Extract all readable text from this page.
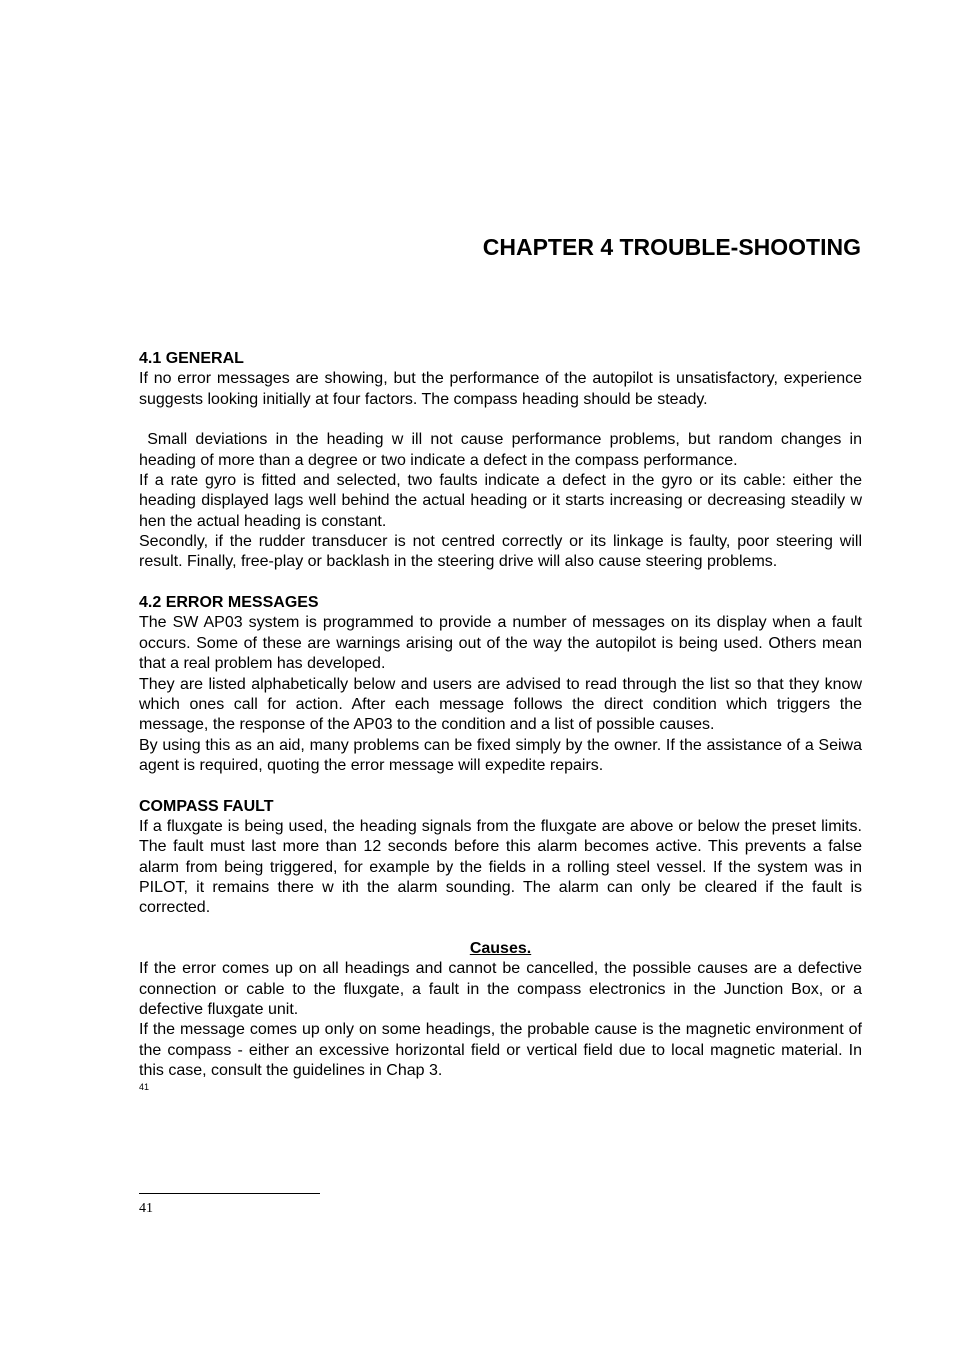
CHAPTER 4 TROUBLE-SHOOTING

4.1 GENERAL

If no error messages are showing, but the performance of the autopilot is unsatisfactory, experience suggests looking initially at four factors. The compass heading should be steady.

Small deviations in the heading w ill not cause performance problems, but random changes in heading of more than a degree or two indicate a defect in the compass performance.

If a rate gyro is fitted and selected, two faults indicate a defect in the gyro or its cable: either the heading displayed lags well behind the actual heading or it starts increasing or decreasing steadily w hen the actual heading is constant.

Secondly, if the rudder transducer is not centred correctly or its linkage is faulty, poor steering will result. Finally, free-play or backlash in the steering drive will also cause steering problems.

4.2 ERROR MESSAGES

The SW AP03 system is programmed to provide a number of messages on its display when a fault occurs. Some of these are warnings arising out of the way the autopilot is being used. Others mean that a real problem has developed.

They are listed alphabetically below and users are advised to read through the list so that they know which ones call for action. After each message follows the direct condition which triggers the message, the response of the AP03 to the condition and a list of possible causes.

By using this as an aid, many problems can be fixed simply by the owner. If the assistance of a Seiwa agent is required, quoting the error message will expedite repairs.

COMPASS FAULT

If a fluxgate is being used, the heading signals from the fluxgate are above or below the preset limits. The fault must last more than 12 seconds before this alarm becomes active. This prevents a false alarm from being triggered, for example by the fields in a rolling steel vessel. If the system was in PILOT, it remains there w ith the alarm sounding. The alarm can only be cleared if the fault is corrected.

Causes.

If the error comes up on all headings and cannot be cancelled, the possible causes are a defective connection or cable to the fluxgate, a fault in the compass electronics in the Junction Box, or a defective fluxgate unit.

If the message comes up only on some headings, the probable cause is the magnetic environment of the compass - either an excessive horizontal field or vertical field due to local magnetic material. In this case, consult the guidelines in Chap 3.

41

41
